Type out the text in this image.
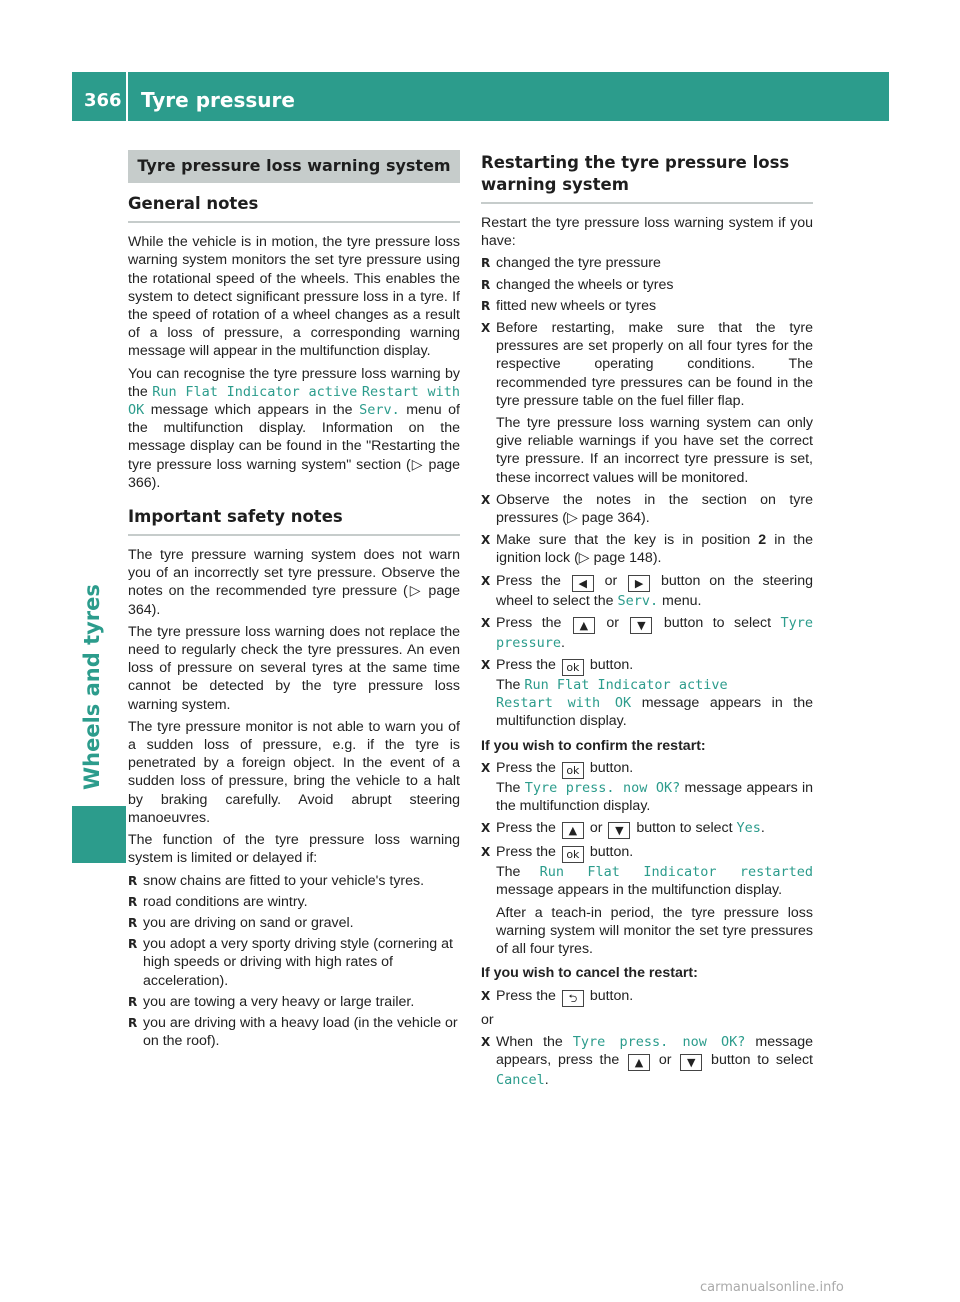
366 Tyre pressure
Wheels and tyres
Tyre pressure loss warning system
General notes

While the vehicle is in motion, the tyre pressure loss warning system monitors the set tyre pressure using the rotational speed of the wheels. This enables the system to detect significant pressure loss in a tyre. If the speed of rotation of a wheel changes as a result of a loss of pressure, a corresponding warning message will appear in the multifunction display.

You can recognise the tyre pressure loss warning by the Run Flat Indicator active Restart with OK message which appears in the Serv. menu of the multifunction display. Information on the message display can be found in the "Restarting the tyre pressure loss warning system" section (▷ page 366).

Important safety notes

The tyre pressure warning system does not warn you of an incorrectly set tyre pressure. Observe the notes on the recommended tyre pressure (▷ page 364).

The tyre pressure loss warning does not replace the need to regularly check the tyre pressures. An even loss of pressure on several tyres at the same time cannot be detected by the tyre pressure loss warning system.

The tyre pressure monitor is not able to warn you of a sudden loss of pressure, e.g. if the tyre is penetrated by a foreign object. In the event of a sudden loss of pressure, bring the vehicle to a halt by braking carefully. Avoid abrupt steering manoeuvres.

The function of the tyre pressure loss warning system is limited or delayed if:

R snow chains are fitted to your vehicle's tyres.
R road conditions are wintry.
R you are driving on sand or gravel.
R you adopt a very sporty driving style (cornering at high speeds or driving with high rates of acceleration).
R you are towing a very heavy or large trailer.
R you are driving with a heavy load (in the vehicle or on the roof).
Restarting the tyre pressure loss warning system

Restart the tyre pressure loss warning system if you have:

R changed the tyre pressure
R changed the wheels or tyres
R fitted new wheels or tyres

X Before restarting, make sure that the tyre pressures are set properly on all four tyres for the respective operating conditions. The recommended tyre pressures can be found in the tyre pressure table on the fuel filler flap.

The tyre pressure loss warning system can only give reliable warnings if you have set the correct tyre pressure. If an incorrect tyre pressure is set, these incorrect values will be monitored.

X Observe the notes in the section on tyre pressures (▷ page 364).

X Make sure that the key is in position 2 in the ignition lock (▷ page 148).

X Press the ◀ or ▶ button on the steering wheel to select the Serv. menu.

X Press the ▲ or ▼ button to select Tyre pressure.

X Press the ok button.
The Run Flat Indicator active
Restart with OK message appears in the multifunction display.

If you wish to confirm the restart:

X Press the ok button.
The Tyre press. now OK? message appears in the multifunction display.

X Press the ▲ or ▼ button to select Yes.

X Press the ok button.
The Run Flat Indicator restarted message appears in the multifunction display.

After a teach-in period, the tyre pressure loss warning system will monitor the set tyre pressures of all four tyres.

If you wish to cancel the restart:

X Press the ⮌ button.

or

X When the Tyre press. now OK? message appears, press the ▲ or ▼ button to select Cancel.

carmanualsonline.info
